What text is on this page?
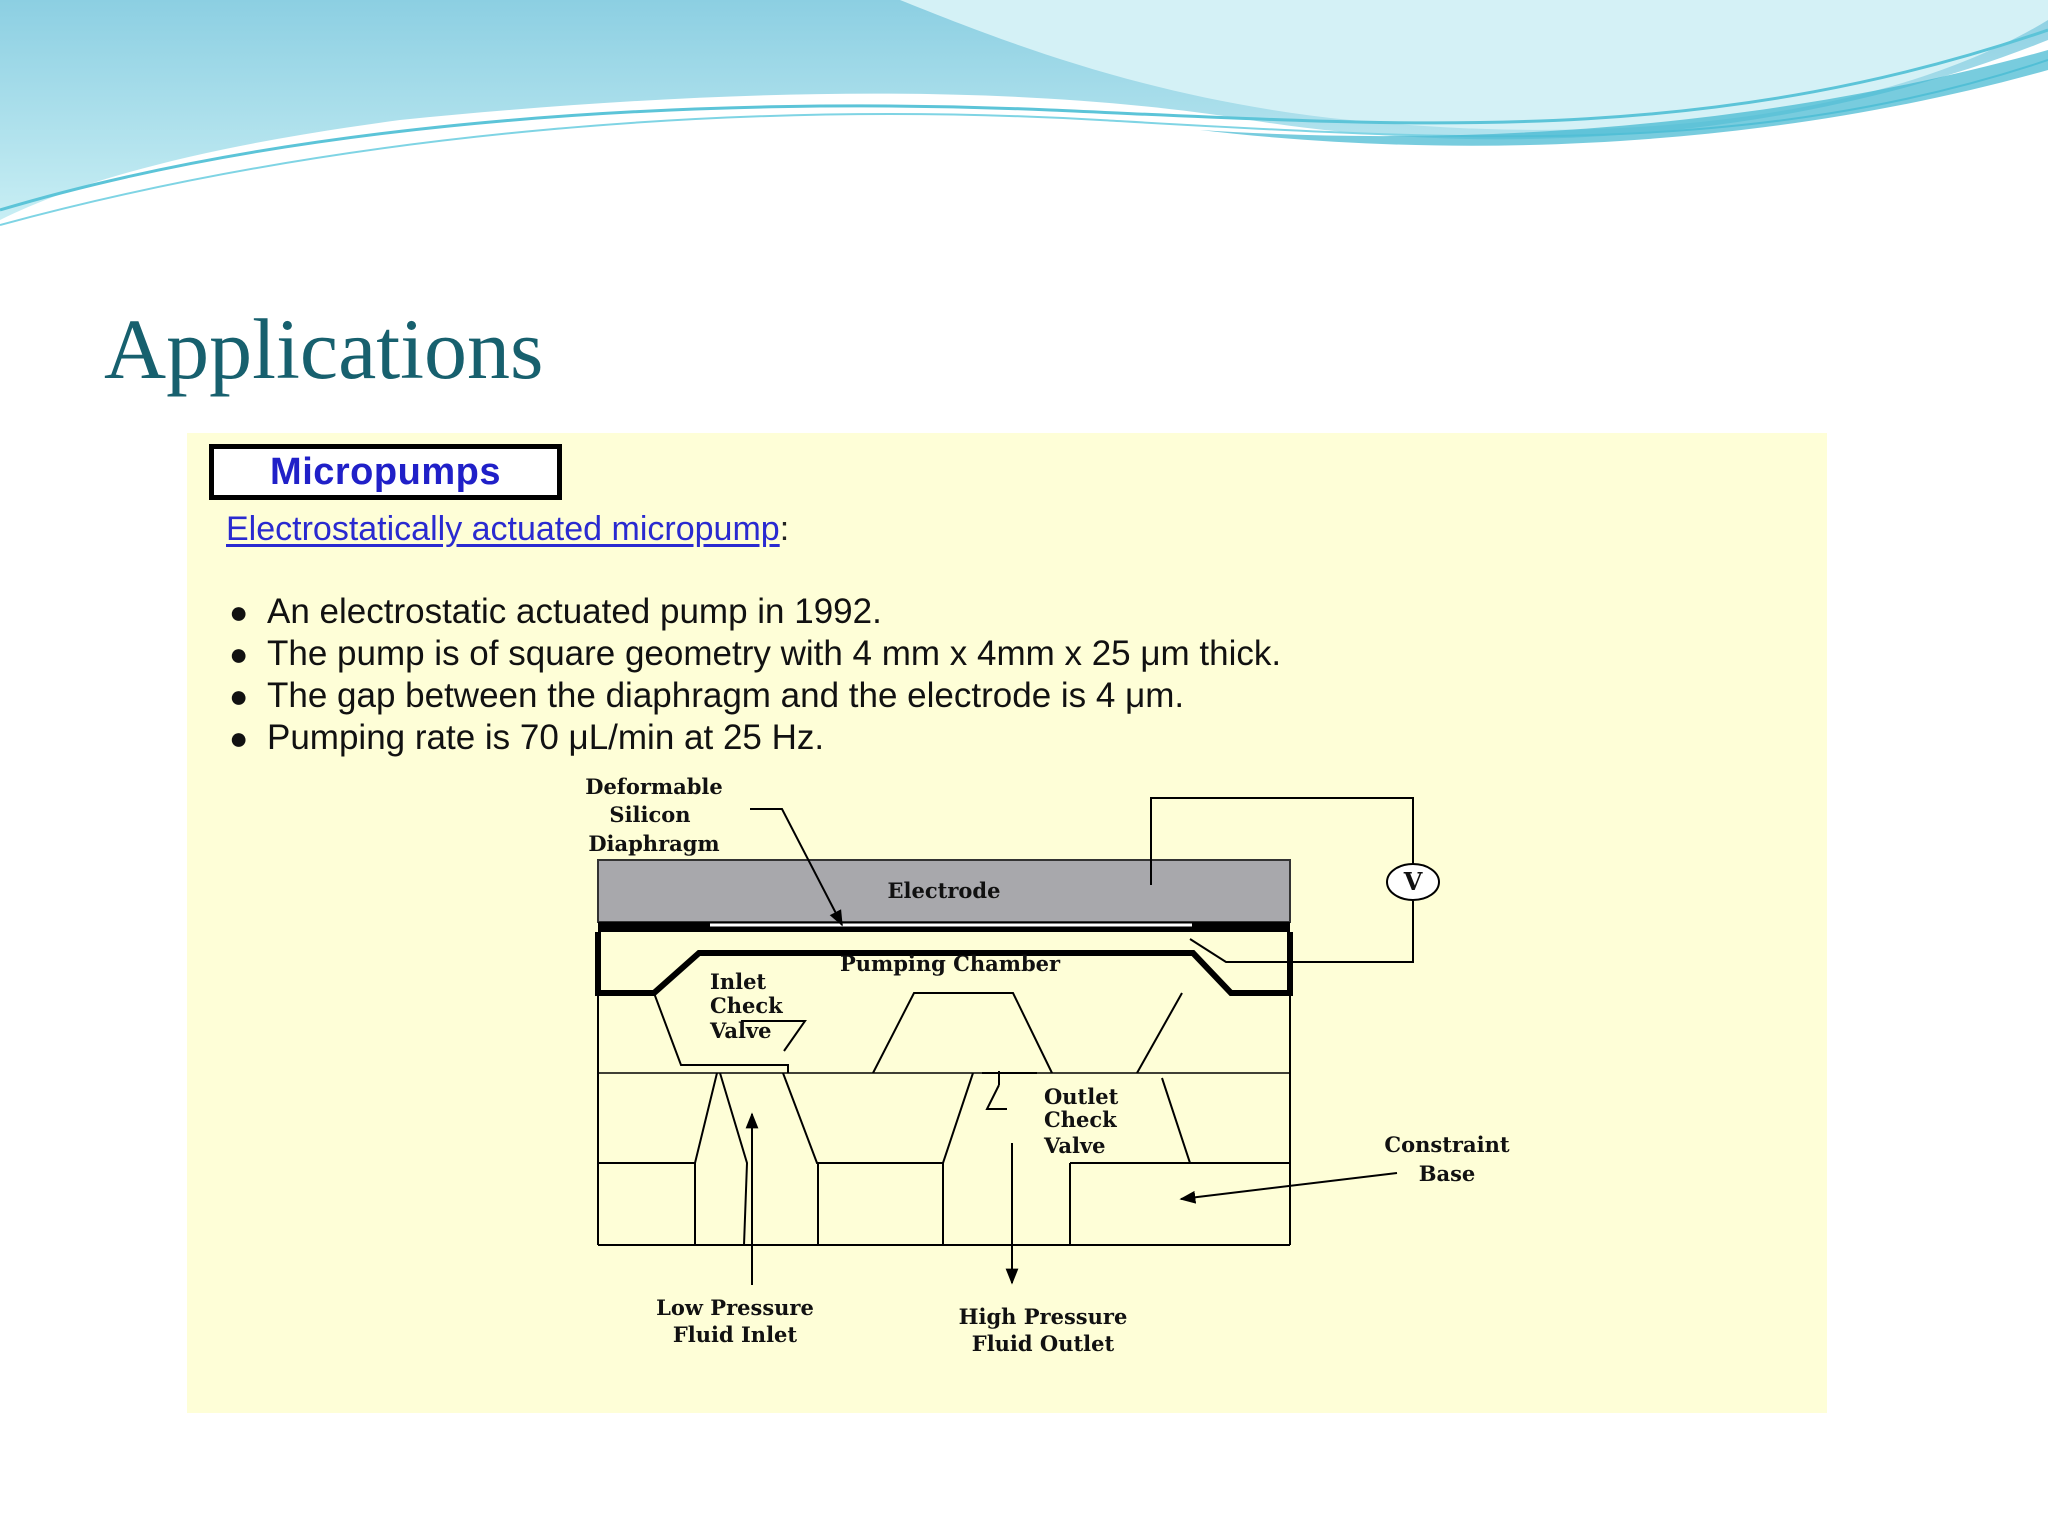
Applications
Micropumps

Electrostatically actuated micropump:

● An electrostatic actuated pump in 1992.
● The pump is of square geometry with 4 mm x 4mm x 25 μm thick.
● The gap between the diaphragm and the electrode is 4 μm.
● Pumping rate is 70 μL/min at 25 Hz.
Electrode
Pumping Chamber
Inlet
Check
Valve
Outlet
Check
Valve
Deformable
Silicon
Diaphragm
V
Constraint
Base
Low Pressure
Fluid Inlet
High Pressure
Fluid Outlet
